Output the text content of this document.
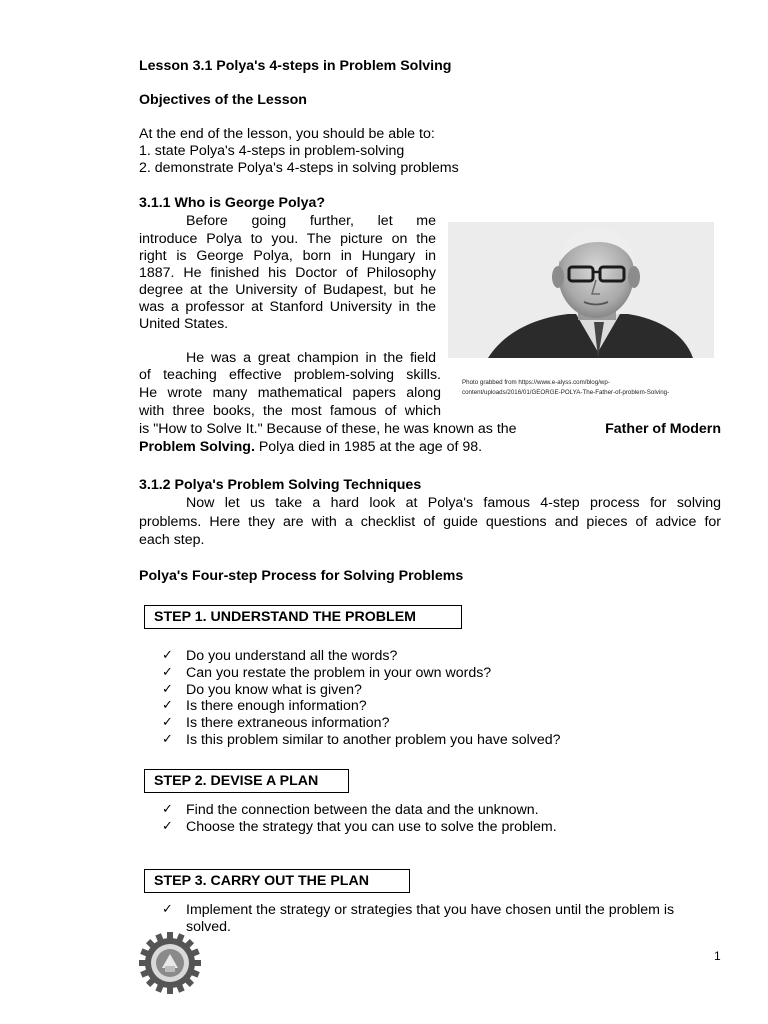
Lesson 3.1 Polya's 4-steps in Problem Solving
Objectives of the Lesson
At the end of the lesson, you should be able to:
1. state Polya's 4-steps in problem-solving
2. demonstrate Polya's 4-steps in solving problems
3.1.1 Who is George Polya?
Before going further, let me
introduce Polya to you. The picture on the
right is George Polya, born in Hungary in
1887. He finished his Doctor of Philosophy
degree at the University of Budapest, but he
was a professor at Stanford University in the
United States.
He was a great champion in the field
of teaching effective problem-solving skills.
He wrote many mathematical papers along
with three books, the most famous of which
is "How to Solve It." Because of these, he was known as the	Father of Modern
Problem Solving. Polya died in 1985 at the age of 98.
Photo grabbed from https://www.e-alyss.com/blog/wp-
content/uploads/2016/01/GEORGE-POLYA-The-Father-of-problem-Solving-
3.1.2 Polya's Problem Solving Techniques
Now let us take a hard look at Polya's famous 4-step process for solving
problems. Here they are with a checklist of guide questions and pieces of advice for
each step.
Polya's Four-step Process for Solving Problems
STEP 1. UNDERSTAND THE PROBLEM
✓ Do you understand all the words?
✓ Can you restate the problem in your own words?
✓ Do you know what is given?
✓ Is there enough information?
✓ Is there extraneous information?
✓ Is this problem similar to another problem you have solved?
STEP 2. DEVISE A PLAN
✓ Find the connection between the data and the unknown.
✓ Choose the strategy that you can use to solve the problem.
STEP 3. CARRY OUT THE PLAN
✓ Implement the strategy or strategies that you have chosen until the problem is
solved.
1
